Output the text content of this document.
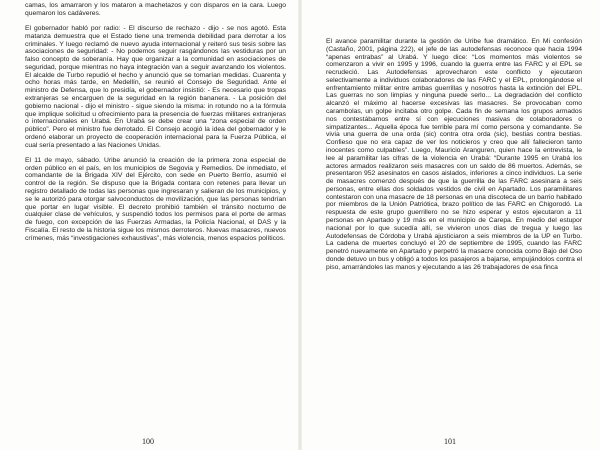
camas, los amarraron y los mataron a machetazos y con disparos en la cara. Luego quemaron los cadáveres.

El gobernador habló por radio: - El discurso de rechazo - dijo - se nos agotó. Esta matanza demuestra que el Estado tiene una tremenda debilidad para derrotar a los criminales. Y luego reclamó de nuevo ayuda internacional y reiteró sus tesis sobre las asociaciones de seguridad: - No podemos seguir rasgándonos las vestiduras por un falso concepto de soberanía. Hay que organizar a la comunidad en asociaciones de seguridad, porque mientras no haya integración van a seguir avanzando los violentos. El alcalde de Turbo repudió el hecho y anunció que se tomarían medidas. Cuarenta y ocho horas más tarde, en Medellín, se reunió el Consejo de Seguridad. Ante el ministro de Defensa, que lo presidía, el gobernador insistió: - Es necesario que tropas extranjeras se encarguen de la seguridad en la región bananera. - La posición del gobierno nacional - dijo el ministro - sigue siendo la misma: in rotundo no a la fórmula que implique solicitud u ofrecimiento para la presencia de fuerzas militares extranjeras o internacionales en Urabá. En Urabá se debe crear una “zona especial de orden público”. Pero el ministro fue derrotado. El Consejo acogió la idea del gobernador y le ordenó elaborar un proyecto de cooperación internacional para la Fuerza Pública, el cual sería presentado a las Naciones Unidas.

El 11 de mayo, sábado. Uribe anunció la creación de la primera zona especial de orden público en el país, en los municipios de Segovia y Remedios. De inmediato, el comandante de la Brigada XIV del Ejército, con sede en Puerto Berrío, asumió el control de la región. Se dispuso que la Brigada contara con retenes para llevar un registro detallado de todas las personas que ingresaran y salieran de los municipios, y se le autorizó para otorgar salvoconductos de movilización, que las personas tendrían que portar en lugar visible. El decreto prohibió también el tránsito nocturno de cualquier clase de vehículos, y suspendió todos los permisos para el porte de armas de fuego, con excepción de las Fuerzas Armadas, la Policía Nacional, el DAS y la Fiscalía. El resto de la historia sigue los mismos derroteros. Nuevas masacres, nuevos crímenes, más “investigaciones exhaustivas”, más violencia, menos espacios políticos.

100

El avance paramilitar durante la gestión de Uribe fue dramático. En Mi confesión (Castaño, 2001, página 222), el jefe de las autodefensas reconoce que hacia 1994 “apenas entrabas” al Urabá. Y luego dice: “Los momentos más violentos se comenzaron a vivir en 1995 y 1996, cuando la guerra entre las FARC y el EPL se recrudeció. Las Autodefensas aprovecharon este conflicto y ejecutaron selectivamente a individuos colaboradores de las FARC y el EPL, prolongándose el enfrentamiento militar entre ambas guerrillas y nosotros hasta la extinción del EPL. Las guerras no son limpias y ninguna puede serlo... La degradación del conflicto alcanzó el máximo al hacerse excesivas las masacres. Se provocaban como carambolas, un golpe incitaba otro golpe. Cada fin de semana los grupos armados nos contestábamos entre sí con ejecuciones masivas de colaboradores o simpatizantes... Aquella época fue terrible para mí como persona y comandante. Se vivía una guerra de una orda (sic) contra otra orda (sic), bestias contra bestias. Confieso que no era capaz de ver los noticieros y creo que allí fallecieron tanto inocentes como culpables”. Luego, Mauricio Aranguren, quien hace la entrevista, le lee al paramilitar las cifras de la violencia en Urabá: “Durante 1995 en Urabá los actores armados realizaron seis masacres con un saldo de 86 muertos. Además, se presentaron 952 asesinatos en casos aislados, inferiores a cinco individuos. La serie de masacres comenzó después de que la guerrilla de las FARC asesinara a seis personas, entre ellas dos soldados vestidos de civil en Apartado. Los paramilitares contestaron con una masacre de 18 personas en una discoteca de un barrio habitado por miembros de la Unión Patriótica, brazo político de las FARC en Chigorodó. La respuesta de este grupo guerrillero no se hizo esperar y estos ejecutaron a 11 personas en Apartado y 19 más en el municipio de Carepa. En medio del estupor nacional por lo que sucedía allí, se vivieron unos días de tregua y luego las Autodefensas de Córdoba y Urabá ajusticiaron a seis miembros de la UP en Turbo. La cadena de muertes concluyó el 20 de septiembre de 1995, cuando las FARC penetró nuevamente en Apartado y perpetró la masacre conocida como Bajo del Oso donde detuvo un bus y obligó a todos los pasajeros a bajarse, empujándolos contra el piso, amarrándoles las manos y ejecutando a las 26 trabajadores de esa finca

101
